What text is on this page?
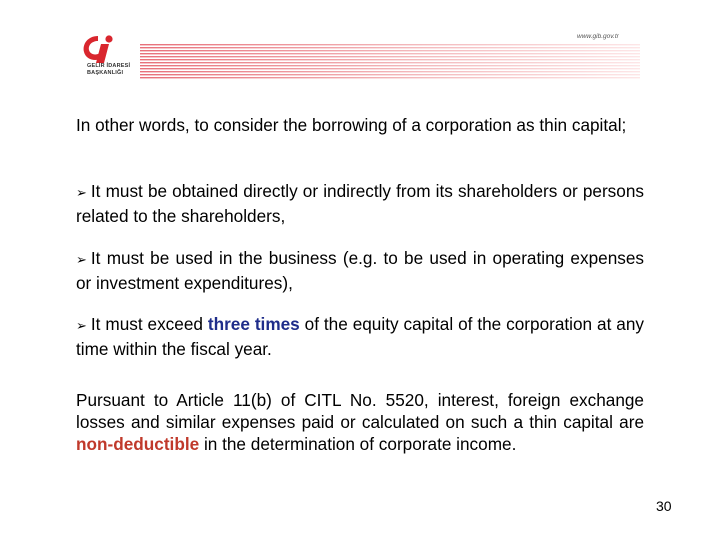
GELİR İDARESİ
BAŞKANLIĞI
www.gib.gov.tr

In other words, to consider the borrowing of a corporation as thin capital;

➢ It must be obtained directly or indirectly from its shareholders or persons related to the shareholders,

➢ It must be used in the business (e.g. to be used in operating expenses or investment expenditures),

➢ It must exceed three times of the equity capital of the corporation at any time within the fiscal year.

Pursuant to Article 11(b) of CITL No. 5520, interest, foreign exchange losses and similar expenses paid or calculated on such a thin capital are non-deductible in the determination of corporate income.

30
